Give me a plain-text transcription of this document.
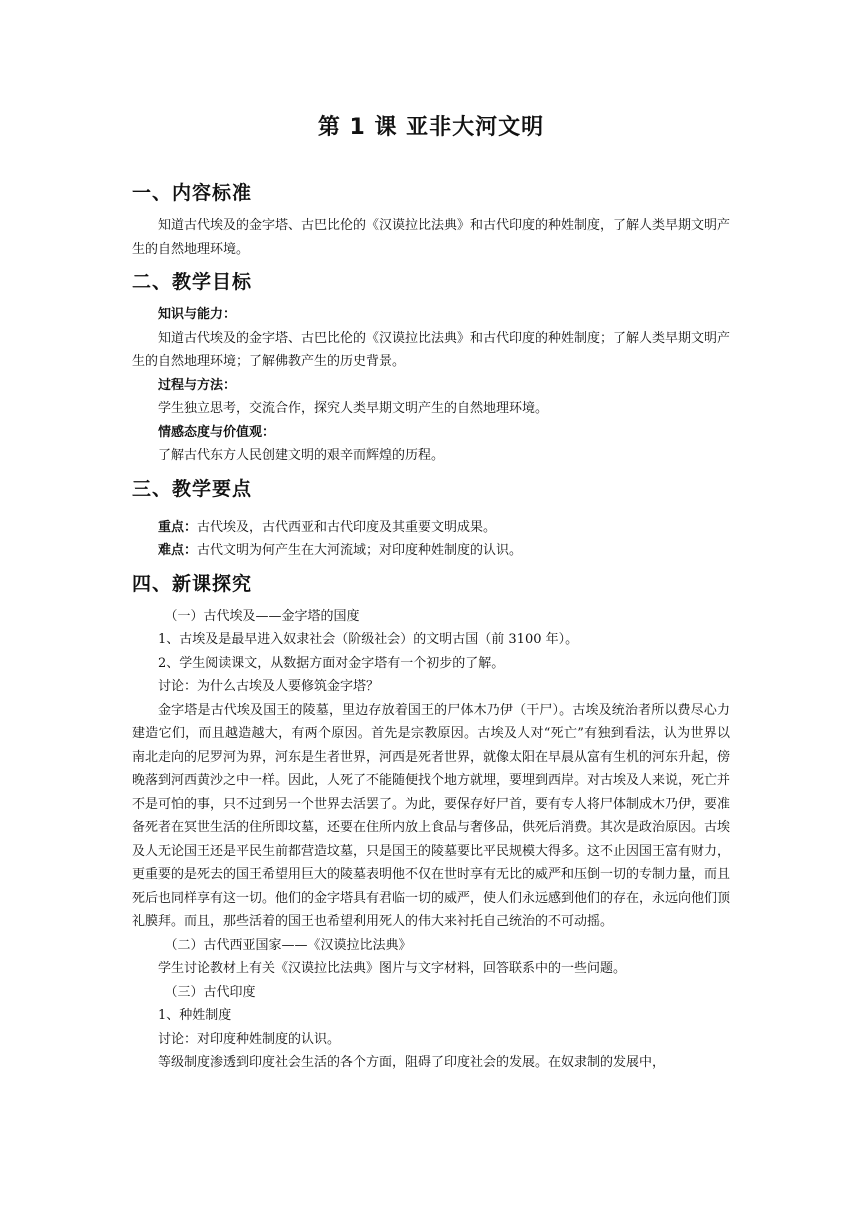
第 1 课 亚非大河文明
一、内容标准

知道古代埃及的金字塔、古巴比伦的《汉谟拉比法典》和古代印度的种姓制度，了解人类早期文明产生的自然地理环境。

二、教学目标

知识与能力：

知道古代埃及的金字塔、古巴比伦的《汉谟拉比法典》和古代印度的种姓制度；了解人类早期文明产生的自然地理环境；了解佛教产生的历史背景。

过程与方法：

学生独立思考，交流合作，探究人类早期文明产生的自然地理环境。

情感态度与价值观：

了解古代东方人民创建文明的艰辛而辉煌的历程。

三、教学要点

重点：古代埃及，古代西亚和古代印度及其重要文明成果。

难点：古代文明为何产生在大河流域；对印度种姓制度的认识。

四、新课探究

（一）古代埃及——金字塔的国度

1、古埃及是最早进入奴隶社会（阶级社会）的文明古国（前 3100 年）。

2、学生阅读课文，从数据方面对金字塔有一个初步的了解。

讨论：为什么古埃及人要修筑金字塔？

金字塔是古代埃及国王的陵墓，里边存放着国王的尸体木乃伊（干尸）。古埃及统治者所以费尽心力建造它们，而且越造越大，有两个原因。首先是宗教原因。古埃及人对“死亡”有独到看法，认为世界以南北走向的尼罗河为界，河东是生者世界，河西是死者世界，就像太阳在早晨从富有生机的河东升起，傍晚落到河西黄沙之中一样。因此，人死了不能随便找个地方就埋，要埋到西岸。对古埃及人来说，死亡并不是可怕的事，只不过到另一个世界去活罢了。为此，要保存好尸首，要有专人将尸体制成木乃伊，要准备死者在冥世生活的住所即坟墓，还要在住所内放上食品与奢侈品，供死后消费。其次是政治原因。古埃及人无论国王还是平民生前都营造坟墓，只是国王的陵墓要比平民规模大得多。这不止因国王富有财力，更重要的是死去的国王希望用巨大的陵墓表明他不仅在世时享有无比的威严和压倒一切的专制力量，而且死后也同样享有这一切。他们的金字塔具有君临一切的威严，使人们永远感到他们的存在，永远向他们顶礼膜拜。而且，那些活着的国王也希望利用死人的伟大来衬托自己统治的不可动摇。

（二）古代西亚国家——《汉谟拉比法典》

学生讨论教材上有关《汉谟拉比法典》图片与文字材料，回答联系中的一些问题。

（三）古代印度

1、种姓制度

讨论：对印度种姓制度的认识。

等级制度渗透到印度社会生活的各个方面，阻碍了印度社会的发展。在奴隶制的发展中，
